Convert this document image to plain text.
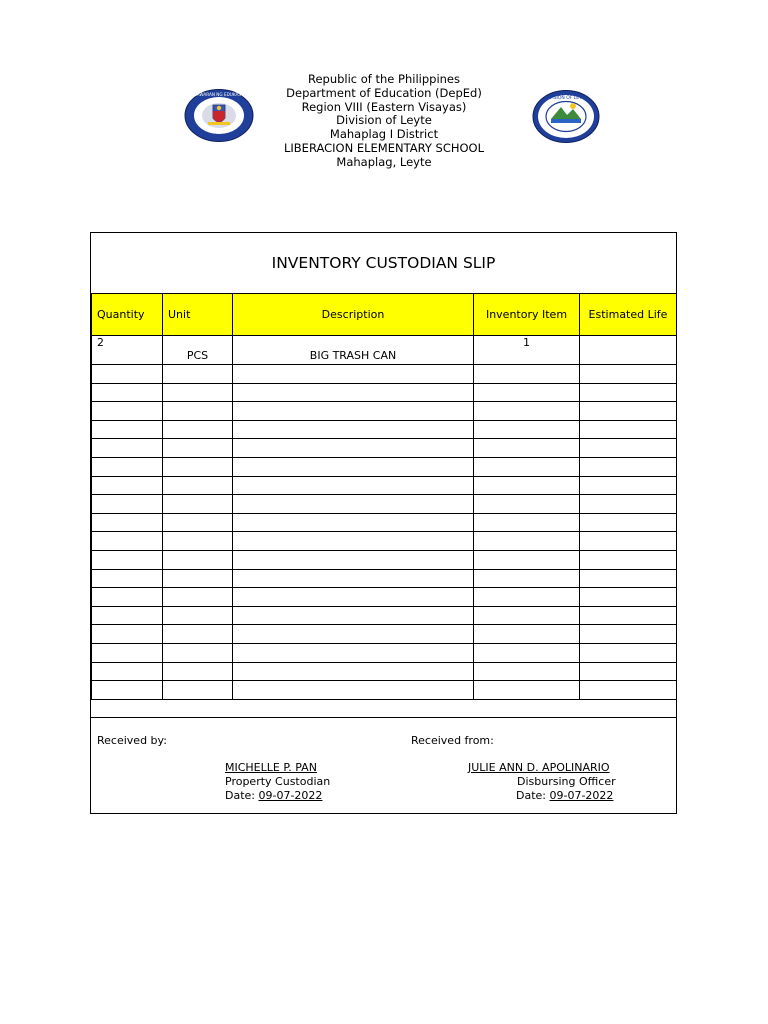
Republic of the Philippines
Department of Education (DepEd)
Region VIII (Eastern Visayas)
Division of Leyte
Mahaplag I District
LIBERACION ELEMENTARY SCHOOL
Mahaplag, Leyte
KAGAWARAN NG EDUKASYON
DIVISION OF LEYTE
INVENTORY CUSTODIAN SLIP
Quantity	Unit	Description	Inventory Item	Estimated Life
2	PCS	BIG TRASH CAN	1	

Received by:	Received from:
MICHELLE P. PAN
Property Custodian
Date: 09-07-2022
JULIE ANN D. APOLINARIO
Disbursing Officer
Date: 09-07-2022
